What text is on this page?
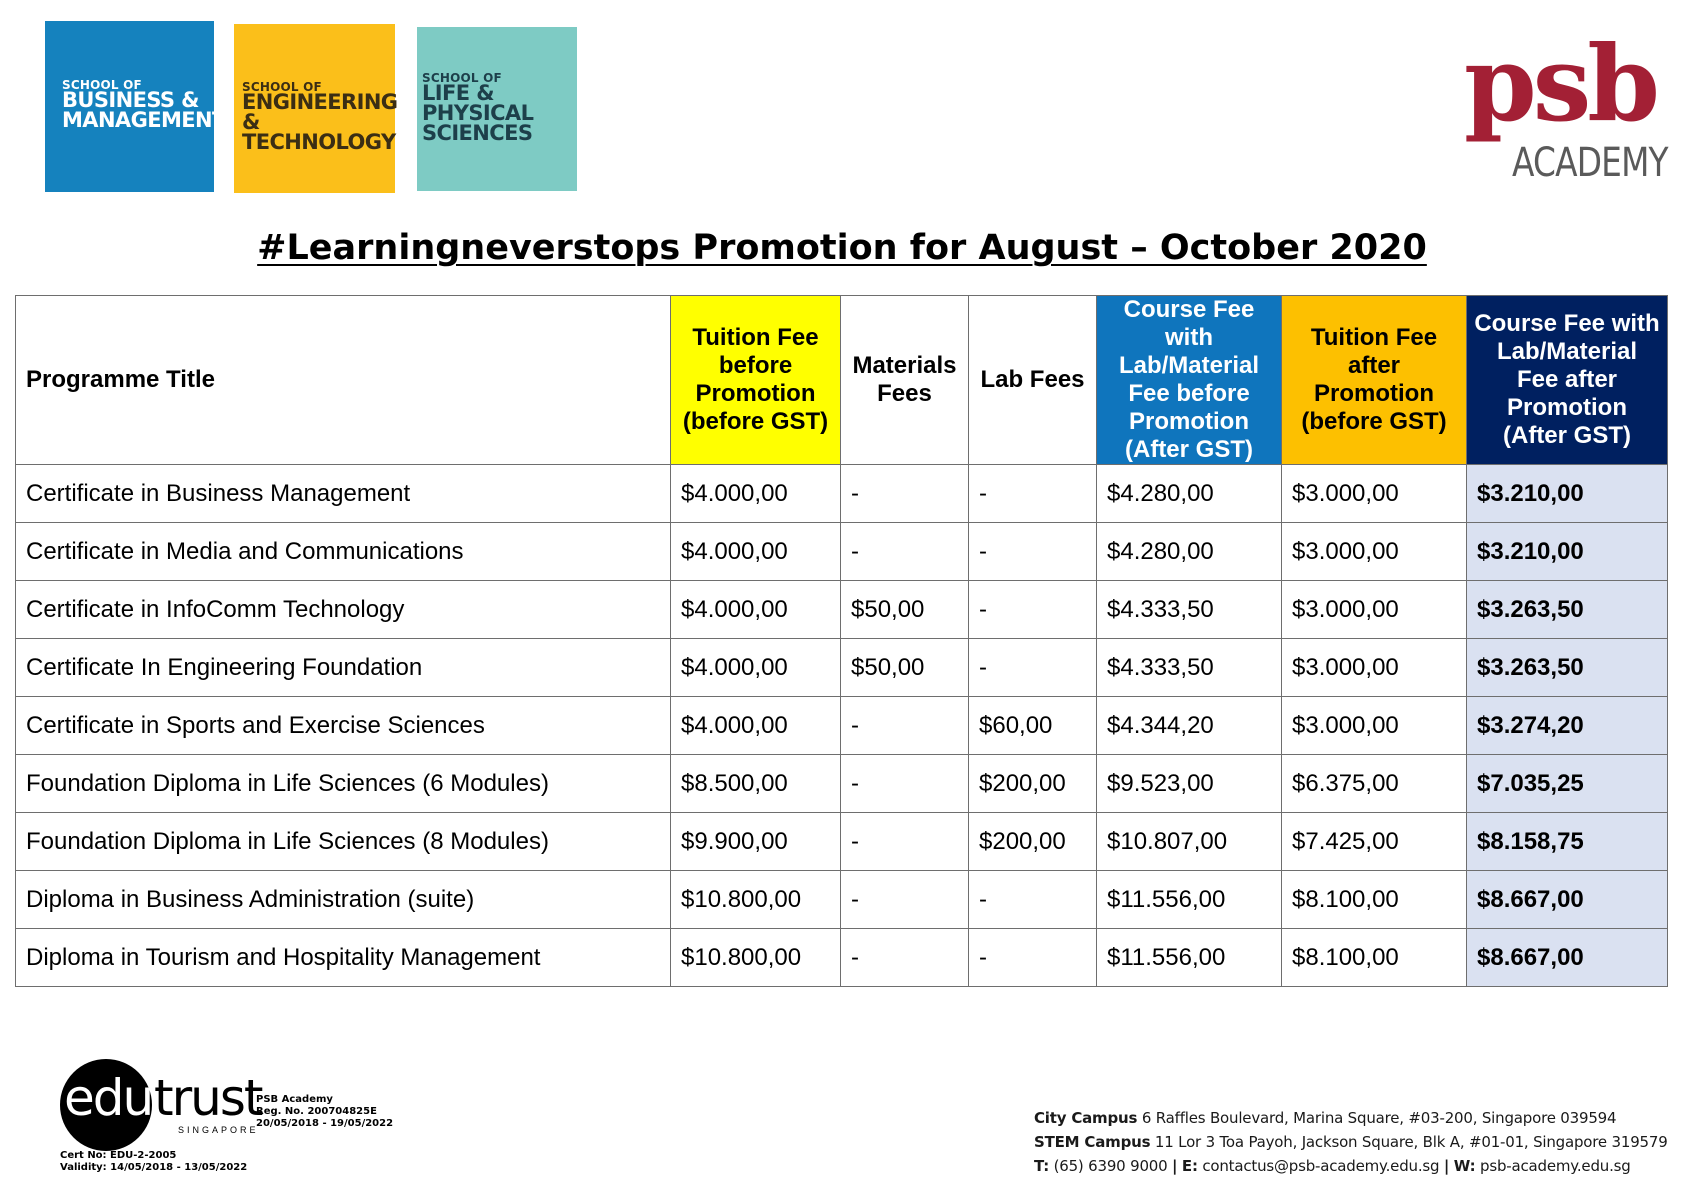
SCHOOL OF
BUSINESS &
MANAGEMENT
SCHOOL OF
ENGINEERING &
TECHNOLOGY
SCHOOL OF
LIFE &
PHYSICAL
SCIENCES	psb
ACADEMY
#Learningneverstops Promotion for August – October 2020
Programme Title	Tuition Fee before Promotion (before GST)	Materials Fees	Lab Fees	Course Fee with Lab/Material Fee before Promotion (After GST)	Tuition Fee after Promotion (before GST)	Course Fee with Lab/Material Fee after Promotion (After GST)
Certificate in Business Management	$4.000,00	-	-	$4.280,00	$3.000,00	$3.210,00
Certificate in Media and Communications	$4.000,00	-	-	$4.280,00	$3.000,00	$3.210,00
Certificate in InfoComm Technology	$4.000,00	$50,00	-	$4.333,50	$3.000,00	$3.263,50
Certificate In Engineering Foundation	$4.000,00	$50,00	-	$4.333,50	$3.000,00	$3.263,50
Certificate in Sports and Exercise Sciences	$4.000,00	-	$60,00	$4.344,20	$3.000,00	$3.274,20
Foundation Diploma in Life Sciences (6 Modules)	$8.500,00	-	$200,00	$9.523,00	$6.375,00	$7.035,25
Foundation Diploma in Life Sciences (8 Modules)	$9.900,00	-	$200,00	$10.807,00	$7.425,00	$8.158,75
Diploma in Business Administration (suite)	$10.800,00	-	-	$11.556,00	$8.100,00	$8.667,00
Diploma in Tourism and Hospitality Management	$10.800,00	-	-	$11.556,00	$8.100,00	$8.667,00
edu trust
SINGAPORE
PSB Academy
Reg. No. 200704825E
20/05/2018 - 19/05/2022
Cert No: EDU-2-2005
Validity: 14/05/2018 - 13/05/2022
City Campus 6 Raffles Boulevard, Marina Square, #03-200, Singapore 039594
STEM Campus 11 Lor 3 Toa Payoh, Jackson Square, Blk A, #01-01, Singapore 319579
T: (65) 6390 9000 | E: contactus@psb-academy.edu.sg | W: psb-academy.edu.sg
